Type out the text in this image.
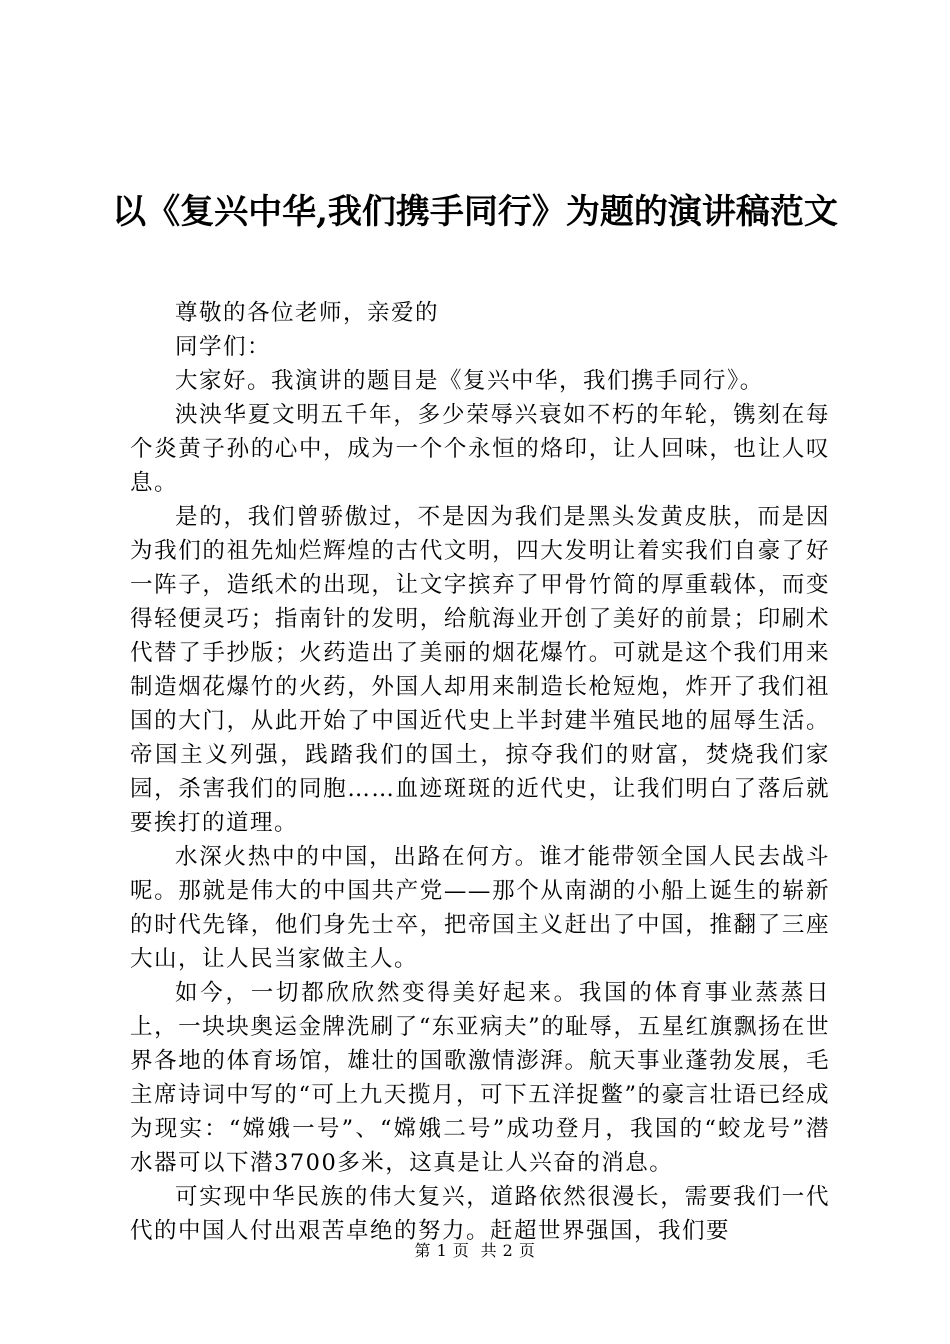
以《复兴中华,我们携手同行》为题的演讲稿范文

尊敬的各位老师，亲爱的

同学们：

大家好。我演讲的题目是《复兴中华，我们携手同行》。

泱泱华夏文明五千年，多少荣辱兴衰如不朽的年轮，镌刻在每个炎黄子孙的心中，成为一个个永恒的烙印，让人回味，也让人叹息。

是的，我们曾骄傲过，不是因为我们是黑头发黄皮肤，而是因为我们的祖先灿烂辉煌的古代文明，四大发明让着实我们自豪了好一阵子，造纸术的出现，让文字摈弃了甲骨竹简的厚重载体，而变得轻便灵巧；指南针的发明，给航海业开创了美好的前景；印刷术代替了手抄版；火药造出了美丽的烟花爆竹。可就是这个我们用来制造烟花爆竹的火药，外国人却用来制造长枪短炮，炸开了我们祖国的大门，从此开始了中国近代史上半封建半殖民地的屈辱生活。帝国主义列强，践踏我们的国土，掠夺我们的财富，焚烧我们家园，杀害我们的同胞……血迹斑斑的近代史，让我们明白了落后就要挨打的道理。

水深火热中的中国，出路在何方。谁才能带领全国人民去战斗呢。那就是伟大的中国共产党——那个从南湖的小船上诞生的崭新的时代先锋，他们身先士卒，把帝国主义赶出了中国，推翻了三座大山，让人民当家做主人。

如今，一切都欣欣然变得美好起来。我国的体育事业蒸蒸日上，一块块奥运金牌洗刷了“东亚病夫”的耻辱，五星红旗飘扬在世界各地的体育场馆，雄壮的国歌激情澎湃。航天事业蓬勃发展，毛主席诗词中写的“可上九天揽月，可下五洋捉鳖”的豪言壮语已经成为现实：“嫦娥一号”、“嫦娥二号”成功登月，我国的“蛟龙号”潜水器可以下潜3700多米，这真是让人兴奋的消息。

可实现中华民族的伟大复兴，道路依然很漫长，需要我们一代代的中国人付出艰苦卓绝的努力。赶超世界强国，我们要

第 1 页  共 2 页
